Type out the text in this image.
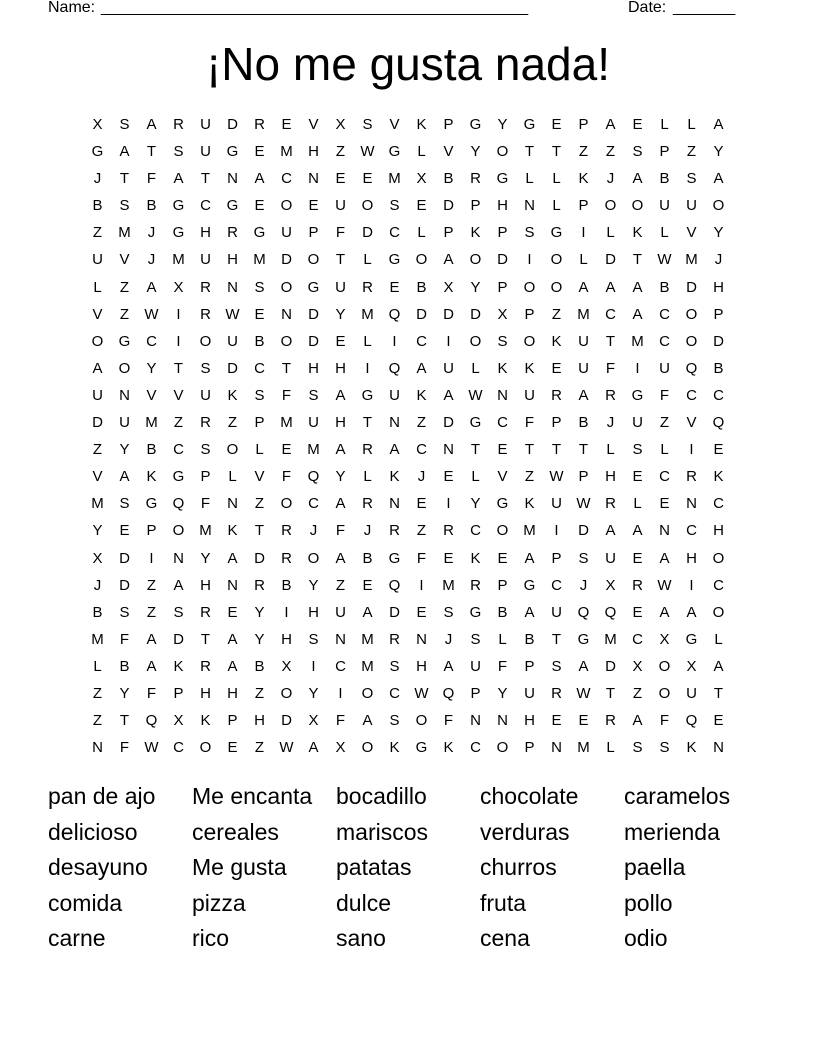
Name: ________________________________________________	Date: _______
¡No me gusta nada!
X	S	A	R	U	D	R	E	V	X	S	V	K	P	G	Y	G	E	P	A	E	L	L	A
G	A	T	S	U	G	E	M	H	Z	W G	L	V	Y	O	T	T	Z	Z	S	P	Z	Y
J	T	F	A	T	N	A	C	N	E	E	M	X	B	R	G	L	L	K	J	A	B	S	A
B	S	B	G	C	G	E	O	E	U	O	S	E	D	P	H	N	L	P	O	O	U	U	O
Z	M	J	G	H	R	G	U	P	F	D	C	L	P	K	P	S	G	I	L	K	L	V	Y
U	V	J	M	U	H	M	D	O	T	L	G	O	A	O	D	I	O	L	D	T	W M	J
L	Z	A	X	R	N	S	O	G	U	R	E	B	X	Y	P	O	O	A	A	A	B	D	H
V	Z	W	I	R W E	N	D	Y	M Q	D	D	D	X	P	Z	M	C	A	C	O	P
O	G	C	I	O	U	B	O	D	E	L	I	C	I	O	S	O	K	U	T	M	C	O	D
A	O	Y	T	S	D	C	T	H	H	I	Q	A	U	L	K	K	E	U	F	I	U	Q	B
U	N	V	V	U	K	S	F	S	A	G	U	K	A W N	U	R	A	R	G	F	C	C
D	U	M	Z	R	Z	P	M	U	H	T	N	Z	D	G	C	F	P	B	J	U	Z	V	Q
Z	Y	B	C	S	O	L	E	M	A	R	A	C	N	T	E	T	T	T	L	S	L	I	E
V	A	K	G	P	L	V	F	Q	Y	L	K	J	E	L	V	Z	W P	H	E	C	R	K
M	S	G	Q	F	N	Z	O	C	A	R	N	E	I	Y	G	K	U W R	L	E	N	C
Y	E	P	O M	K	T	R	J	F	J	R	Z	R	C	O M	I	D	A	A	N	C	H
X	D	I	N	Y	A	D	R	O	A	B	G	F	E	K	E	A	P	S	U	E	A	H	O
J	D	Z	A	H	N	R	B	Y	Z	E	Q	I	M	R	P	G	C	J	X	R W	I	C
B	S	Z	S	R	E	Y	I	H	U	A	D	E	S	G	B	A	U	Q	Q	E	A	A	O
M	F	A	D	T	A	Y	H	S	N	M	R	N	J	S	L	B	T	G M	C	X	G	L
L	B	A	K	R	A	B	X	I	C	M	S	H	A	U	F	P	S	A	D	X	O	X	A
Z	Y	F	P	H	H	Z	O	Y	I	O	C W Q	P	Y	U	R W	T	Z	O	U	T
Z	T	Q	X	K	P	H	D	X	F	A	S	O	F	N	N	H	E	E	R	A	F	Q	E
N	F	W C	O	E	Z	W A	X	O	K	G	K	C	O	P	N	M	L	S	S	K	N
pan de ajo	Me encanta	bocadillo	chocolate	caramelos
delicioso	cereales	mariscos	verduras	merienda
desayuno	Me gusta	patatas	churros	paella
comida	pizza	dulce	fruta	pollo
carne	rico	sano	cena	odio
